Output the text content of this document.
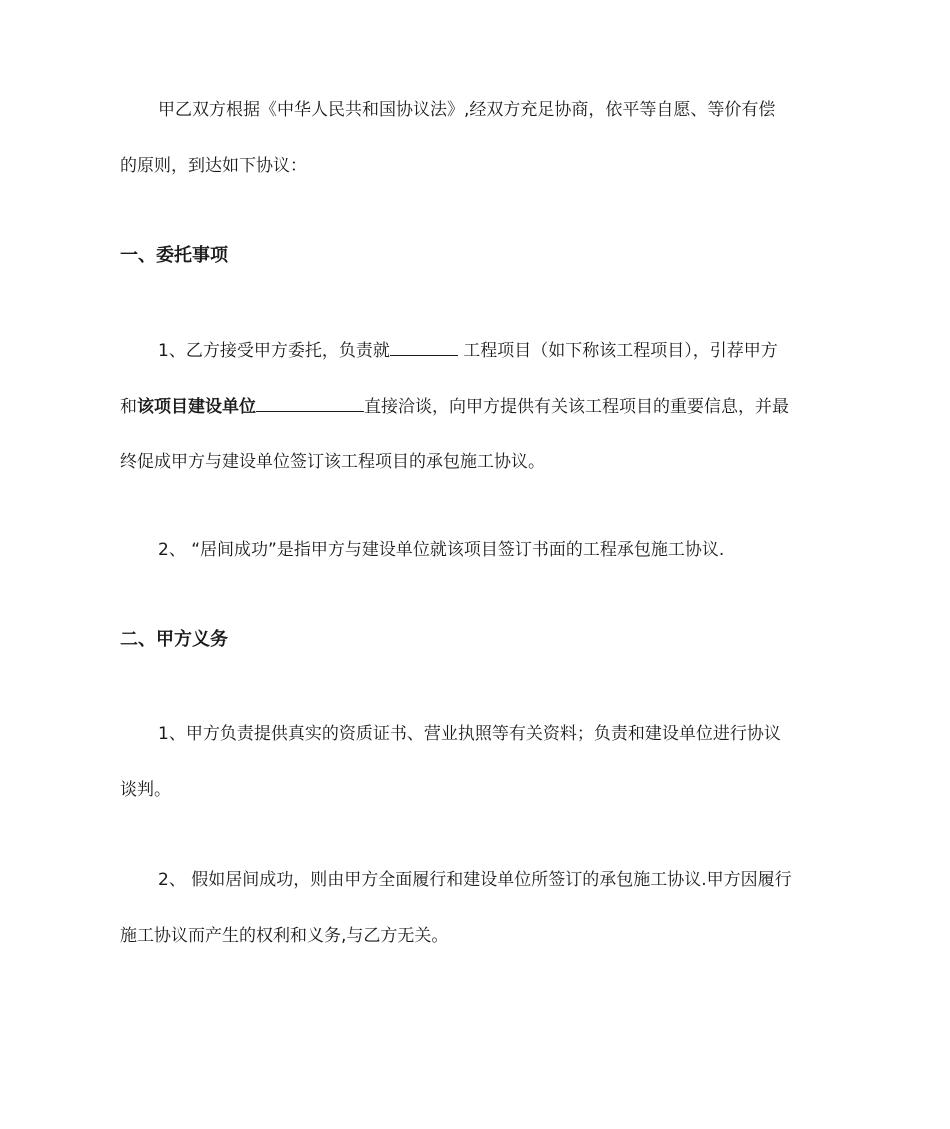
甲乙双方根据《中华人民共和国协议法》,经双方充足协商，依平等自愿、等价有偿

的原则，到达如下协议：

一、委托事项

1、乙方接受甲方委托，负责就	工程项目（如下称该工程项目），引荐甲方

和该项目建设单位	直接洽谈，向甲方提供有关该工程项目的重要信息，并最

终促成甲方与建设单位签订该工程项目的承包施工协议。

2、 “居间成功”是指甲方与建设单位就该项目签订书面的工程承包施工协议.

二、甲方义务

1、甲方负责提供真实的资质证书、营业执照等有关资料；负责和建设单位进行协议

谈判。

2、 假如居间成功，则由甲方全面履行和建设单位所签订的承包施工协议.甲方因履行

施工协议而产生的权利和义务,与乙方无关。
